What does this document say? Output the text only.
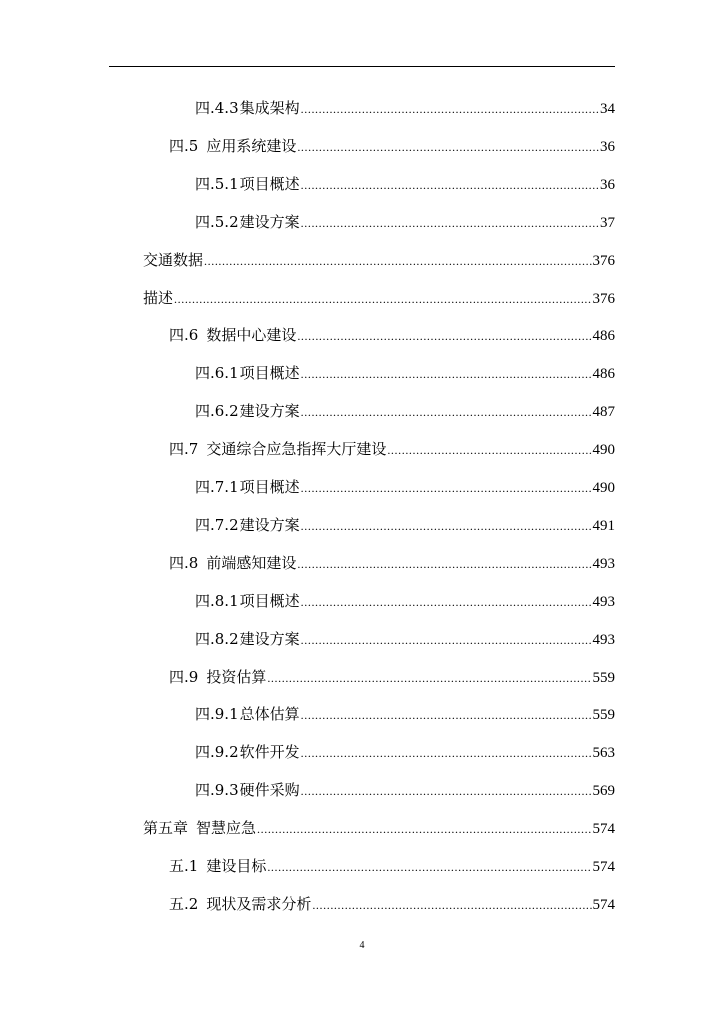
四.4.3 集成架构 .....	34
四.5 应用系统建设 .....	36
四.5.1 项目概述 .....	36
四.5.2 建设方案 .....	37
交通数据 .....	376
描述 .....	376
四.6 数据中心建设 .....	486
四.6.1 项目概述 .....	486
四.6.2 建设方案 .....	487
四.7 交通综合应急指挥大厅建设 .....	490
四.7.1 项目概述 .....	490
四.7.2 建设方案 .....	491
四.8 前端感知建设 .....	493
四.8.1 项目概述 .....	493
四.8.2 建设方案 .....	493
四.9 投资估算 .....	559
四.9.1 总体估算 .....	559
四.9.2 软件开发 .....	563
四.9.3 硬件采购 .....	569
第五章 智慧应急 .....	574
五.1 建设目标 .....	574
五.2 现状及需求分析 .....	574
4
